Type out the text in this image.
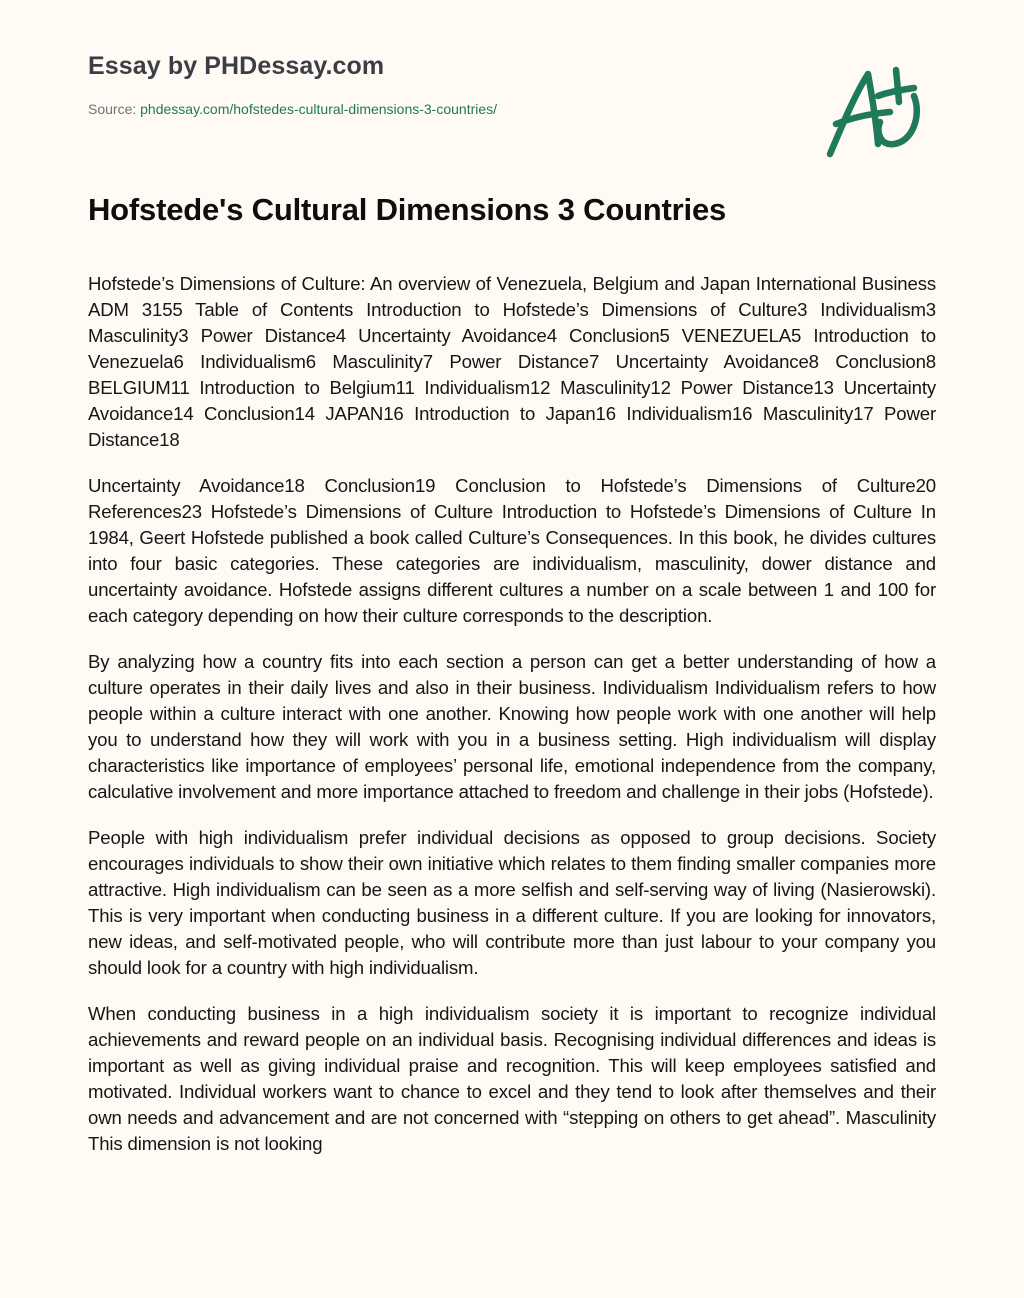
Essay by PHDessay.com
Source: phdessay.com/hofstedes-cultural-dimensions-3-countries/
Hofstede's Cultural Dimensions 3 Countries

Hofstede’s Dimensions of Culture: An overview of Venezuela, Belgium and Japan International Business ADM 3155 Table of Contents Introduction to Hofstede’s Dimensions of Culture3 Individualism3 Masculinity3 Power Distance4 Uncertainty Avoidance4 Conclusion5 VENEZUELA5 Introduction to Venezuela6 Individualism6 Masculinity7 Power Distance7 Uncertainty Avoidance8 Conclusion8 BELGIUM11 Introduction to Belgium11 Individualism12 Masculinity12 Power Distance13 Uncertainty Avoidance14 Conclusion14 JAPAN16 Introduction to Japan16 Individualism16 Masculinity17 Power Distance18

Uncertainty Avoidance18 Conclusion19 Conclusion to Hofstede’s Dimensions of Culture20 References23 Hofstede’s Dimensions of Culture Introduction to Hofstede’s Dimensions of Culture In 1984, Geert Hofstede published a book called Culture’s Consequences. In this book, he divides cultures into four basic categories. These categories are individualism, masculinity, dower distance and uncertainty avoidance. Hofstede assigns different cultures a number on a scale between 1 and 100 for each category depending on how their culture corresponds to the description.

By analyzing how a country fits into each section a person can get a better understanding of how a culture operates in their daily lives and also in their business. Individualism Individualism refers to how people within a culture interact with one another. Knowing how people work with one another will help you to understand how they will work with you in a business setting. High individualism will display characteristics like importance of employees’ personal life, emotional independence from the company, calculative involvement and more importance attached to freedom and challenge in their jobs (Hofstede).

People with high individualism prefer individual decisions as opposed to group decisions. Society encourages individuals to show their own initiative which relates to them finding smaller companies more attractive. High individualism can be seen as a more selfish and self-serving way of living (Nasierowski). This is very important when conducting business in a different culture. If you are looking for innovators, new ideas, and self-motivated people, who will contribute more than just labour to your company you should look for a country with high individualism.

When conducting business in a high individualism society it is important to recognize individual achievements and reward people on an individual basis. Recognising individual differences and ideas is important as well as giving individual praise and recognition. This will keep employees satisfied and motivated. Individual workers want to chance to excel and they tend to look after themselves and their own needs and advancement and are not concerned with “stepping on others to get ahead”. Masculinity This dimension is not looking
